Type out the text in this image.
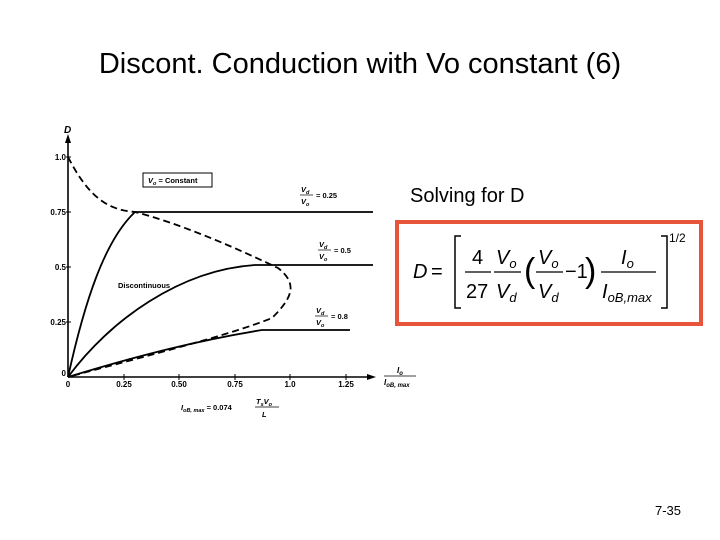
Discont. Conduction with Vo constant (6)
D
1.0
0.75
0.5
0.25
0
0	0.25	0.50	0.75	1.0	1.25
$I_o$
$I_{oB, max}$
$V_o$ = Constant
Discontinuous
$V_d$
$V_o$
= 0.25
$V_d$
$V_o$
= 0.5
$V_d$
$V_o$
= 0.8
$I_{oB, max} = 0.074$
$T_sV_o$
L
Solving for D
D =
4
27
$V_o$
$V_d$
( $V_o$
$V_d$
−1
) $I_o$
$I_{oB,max}$
1/2
7-35
